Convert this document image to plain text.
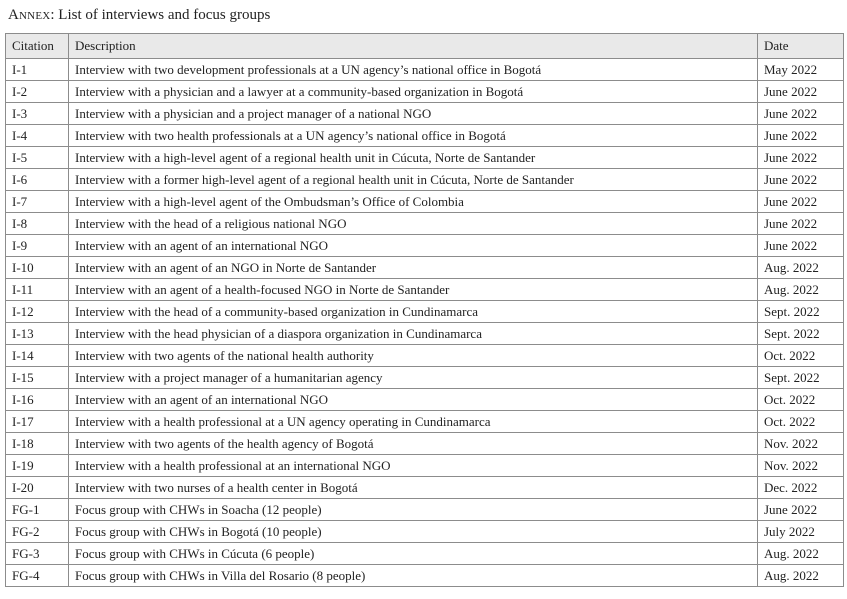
Annex: List of interviews and focus groups
Citation	Description	Date
I-1	Interview with two development professionals at a UN agency’s national office in Bogotá	May 2022
I-2	Interview with a physician and a lawyer at a community-based organization in Bogotá	June 2022
I-3	Interview with a physician and a project manager of a national NGO	June 2022
I-4	Interview with two health professionals at a UN agency’s national office in Bogotá	June 2022
I-5	Interview with a high-level agent of a regional health unit in Cúcuta, Norte de Santander	June 2022
I-6	Interview with a former high-level agent of a regional health unit in Cúcuta, Norte de Santander	June 2022
I-7	Interview with a high-level agent of the Ombudsman’s Office of Colombia	June 2022
I-8	Interview with the head of a religious national NGO	June 2022
I-9	Interview with an agent of an international NGO	June 2022
I-10	Interview with an agent of an NGO in Norte de Santander	Aug. 2022
I-11	Interview with an agent of a health-focused NGO in Norte de Santander	Aug. 2022
I-12	Interview with the head of a community-based organization in Cundinamarca	Sept. 2022
I-13	Interview with the head physician of a diaspora organization in Cundinamarca	Sept. 2022
I-14	Interview with two agents of the national health authority	Oct. 2022
I-15	Interview with a project manager of a humanitarian agency	Sept. 2022
I-16	Interview with an agent of an international NGO	Oct. 2022
I-17	Interview with a health professional at a UN agency operating in Cundinamarca	Oct. 2022
I-18	Interview with two agents of the health agency of Bogotá	Nov. 2022
I-19	Interview with a health professional at an international NGO	Nov. 2022
I-20	Interview with two nurses of a health center in Bogotá	Dec. 2022
FG-1	Focus group with CHWs in Soacha (12 people)	June 2022
FG-2	Focus group with CHWs in Bogotá (10 people)	July 2022
FG-3	Focus group with CHWs in Cúcuta (6 people)	Aug. 2022
FG-4	Focus group with CHWs in Villa del Rosario (8 people)	Aug. 2022
